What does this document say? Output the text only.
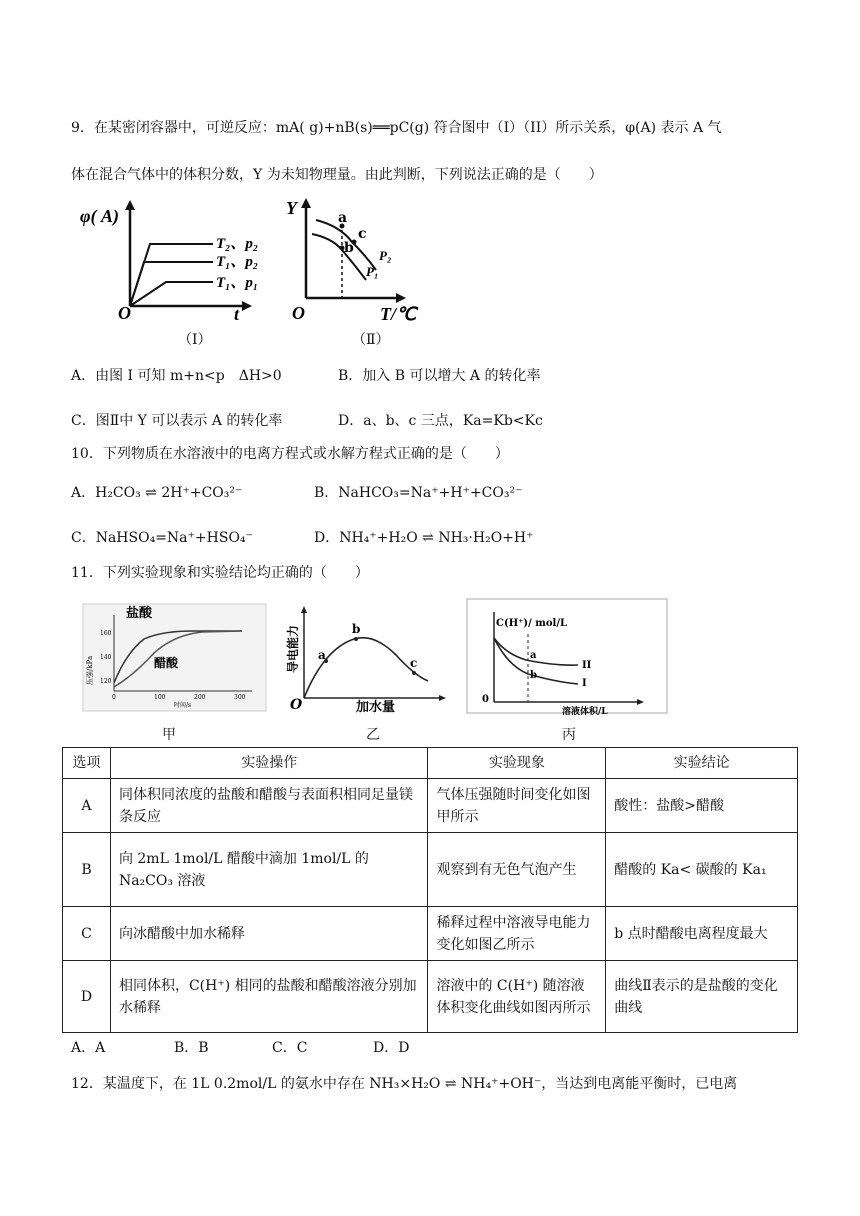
9．在某密闭容器中，可逆反应：mA( g)+nB(s)══pC(g) 符合图中（I）（II）所示关系，φ(A) 表示 A 气
体在混合气体中的体积分数，Y 为未知物理量。由此判断，下列说法正确的是（　　）
φ( A)
O	t
T₂、p₂
T₁、p₂
T₁、p₁
（I）
Y
O	T/℃
a
b
c
P₂
P₁
（Ⅱ）
A．由图 I 可知 m+n<p　ΔH>0	B．加入 B 可以增大 A 的转化率
C．图Ⅱ中 Y 可以表示 A 的转化率	D．a、b、c 三点，Ka=Kb<Kc
10．下列物质在水溶液中的电离方程式或水解方程式正确的是（　　）
A．H₂CO₃ ⇌ 2H⁺+CO₃²⁻	B．NaHCO₃=Na⁺+H⁺+CO₃²⁻
C．NaHSO₄=Na⁺+HSO₄⁻	D．NH₄⁺+H₂O ⇌ NH₃·H₂O+H⁺
11．下列实验现象和实验结论均正确的（　　）
盐酸
醋酸
压强/kPa
160
140
120
0	100	200	300
时间/s
甲
导电能力
O
a
b
c
加水量
乙
C(H⁺)/ mol/L
0
a
b
II
I
溶液体积/L
丙
选项	实验操作	实验现象	实验结论
A	同体积同浓度的盐酸和醋酸与表面积相同足量镁条反应	气体压强随时间变化如图甲所示	酸性：盐酸>醋酸
B	向 2mL 1mol/L 醋酸中滴加 1mol/L 的 Na₂CO₃ 溶液	观察到有无色气泡产生	醋酸的 Ka< 碳酸的 Ka₁
C	向冰醋酸中加水稀释	稀释过程中溶液导电能力变化如图乙所示	b 点时醋酸电离程度最大
D	相同体积，C(H⁺) 相同的盐酸和醋酸溶液分别加水稀释	溶液中的 C(H⁺) 随溶液体积变化曲线如图丙所示	曲线Ⅱ表示的是盐酸的变化曲线
A．A	B．B	C．C	D．D
12．某温度下，在 1L 0.2mol/L 的氨水中存在 NH₃×H₂O ⇌ NH₄⁺+OH⁻，当达到电离能平衡时，已电离
